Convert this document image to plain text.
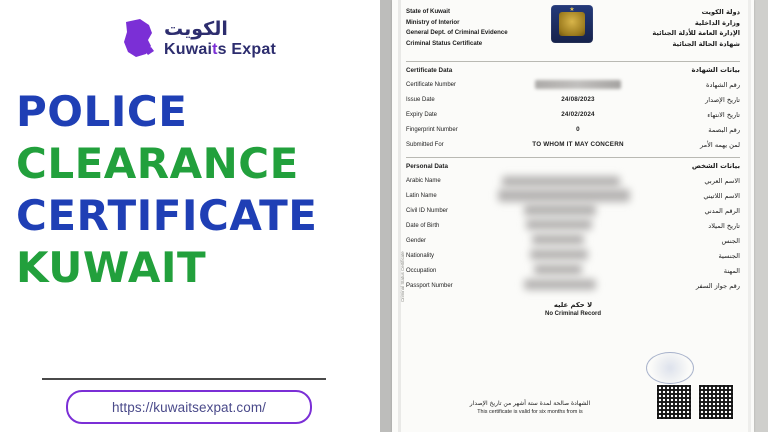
الكويت
Kuwaits Expat
POLICE
CLEARANCE
CERTIFICATE
KUWAIT
https://kuwaitsexpat.com/
State of Kuwait
Ministry of Interior
General Dept. of Criminal Evidence
Criminal Status Certificate
★	دولة الكويت
وزارة الداخلية
الإدارة العامة للأدلة الجنائية
شهادة الحالة الجنائية
Certificate Data	بيانات الشهادة
Certificate Number	رقم الشهادة
Issue Date	24/08/2023	تاريخ الإصدار
Expiry Date	24/02/2024	تاريخ الانتهاء
Fingerprint Number	0	رقم البصمة
Submitted For	TO WHOM IT MAY CONCERN	لمن يهمه الأمر
Personal Data	بيانات الشخص
Arabic Name	الاسم العربي
Latin Name	الاسم اللاتيني
Civil ID Number	الرقم المدني
Date of Birth	تاريخ الميلاد
Gender	الجنس
Nationality	الجنسية
Occupation	المهنة
Passport Number	رقم جواز السفر
لا حكم عليه
No Criminal Record
Criminal Status Certificate
الشهادة صالحة لمدة ستة أشهر من تاريخ الإصدار
This certificate is valid for six months from is
